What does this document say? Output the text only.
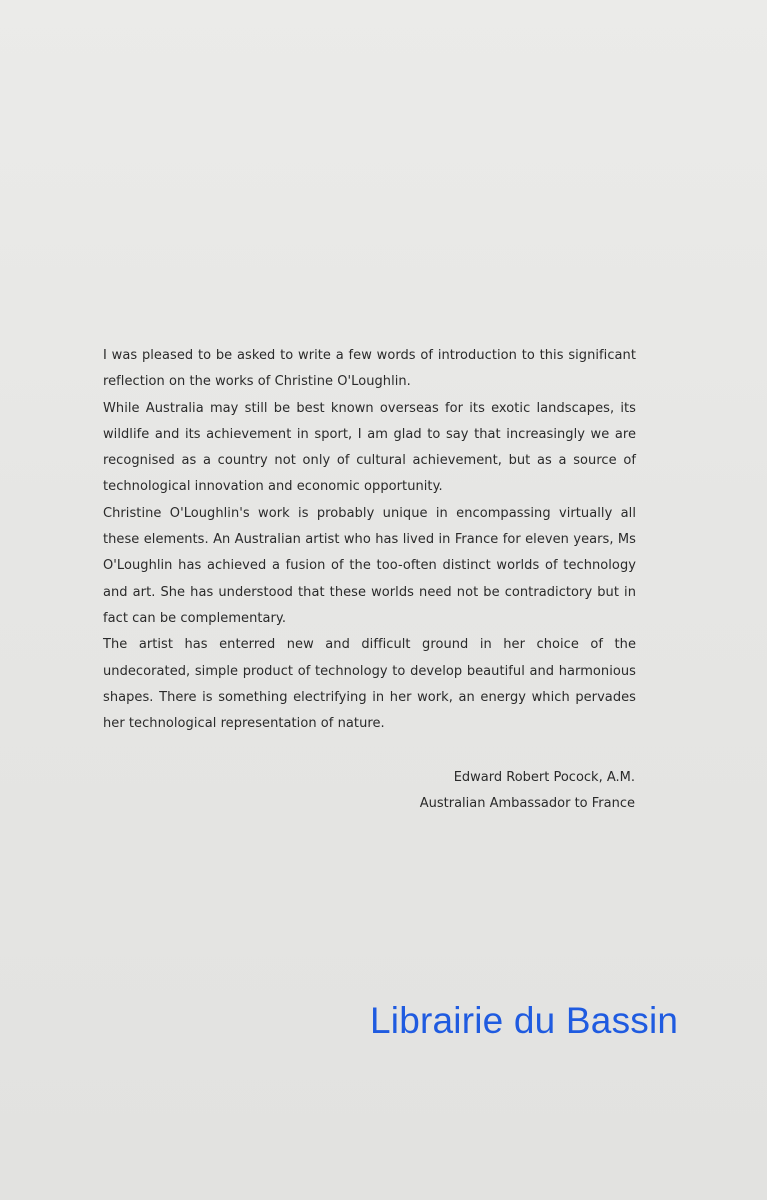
I was pleased to be asked to write a few words of introduction to this significant reflection on the works of Christine O'Loughlin.

While Australia may still be best known overseas for its exotic landscapes, its wildlife and its achievement in sport, I am glad to say that increasingly we are recognised as a country not only of cultural achievement, but as a source of technological innovation and economic opportunity.

Christine O'Loughlin's work is probably unique in encompassing virtually all these elements. An Australian artist who has lived in France for eleven years, Ms O'Loughlin has achieved a fusion of the too-often distinct worlds of technology and art. She has understood that these worlds need not be contradictory but in fact can be complementary.

The artist has enterred new and difficult ground in her choice of the undecorated, simple product of technology to develop beautiful and harmonious shapes. There is something electrifying in her work, an energy which pervades her technological representation of nature.

Edward Robert Pocock, A.M.
Australian Ambassador to France
Librairie du Bassin
